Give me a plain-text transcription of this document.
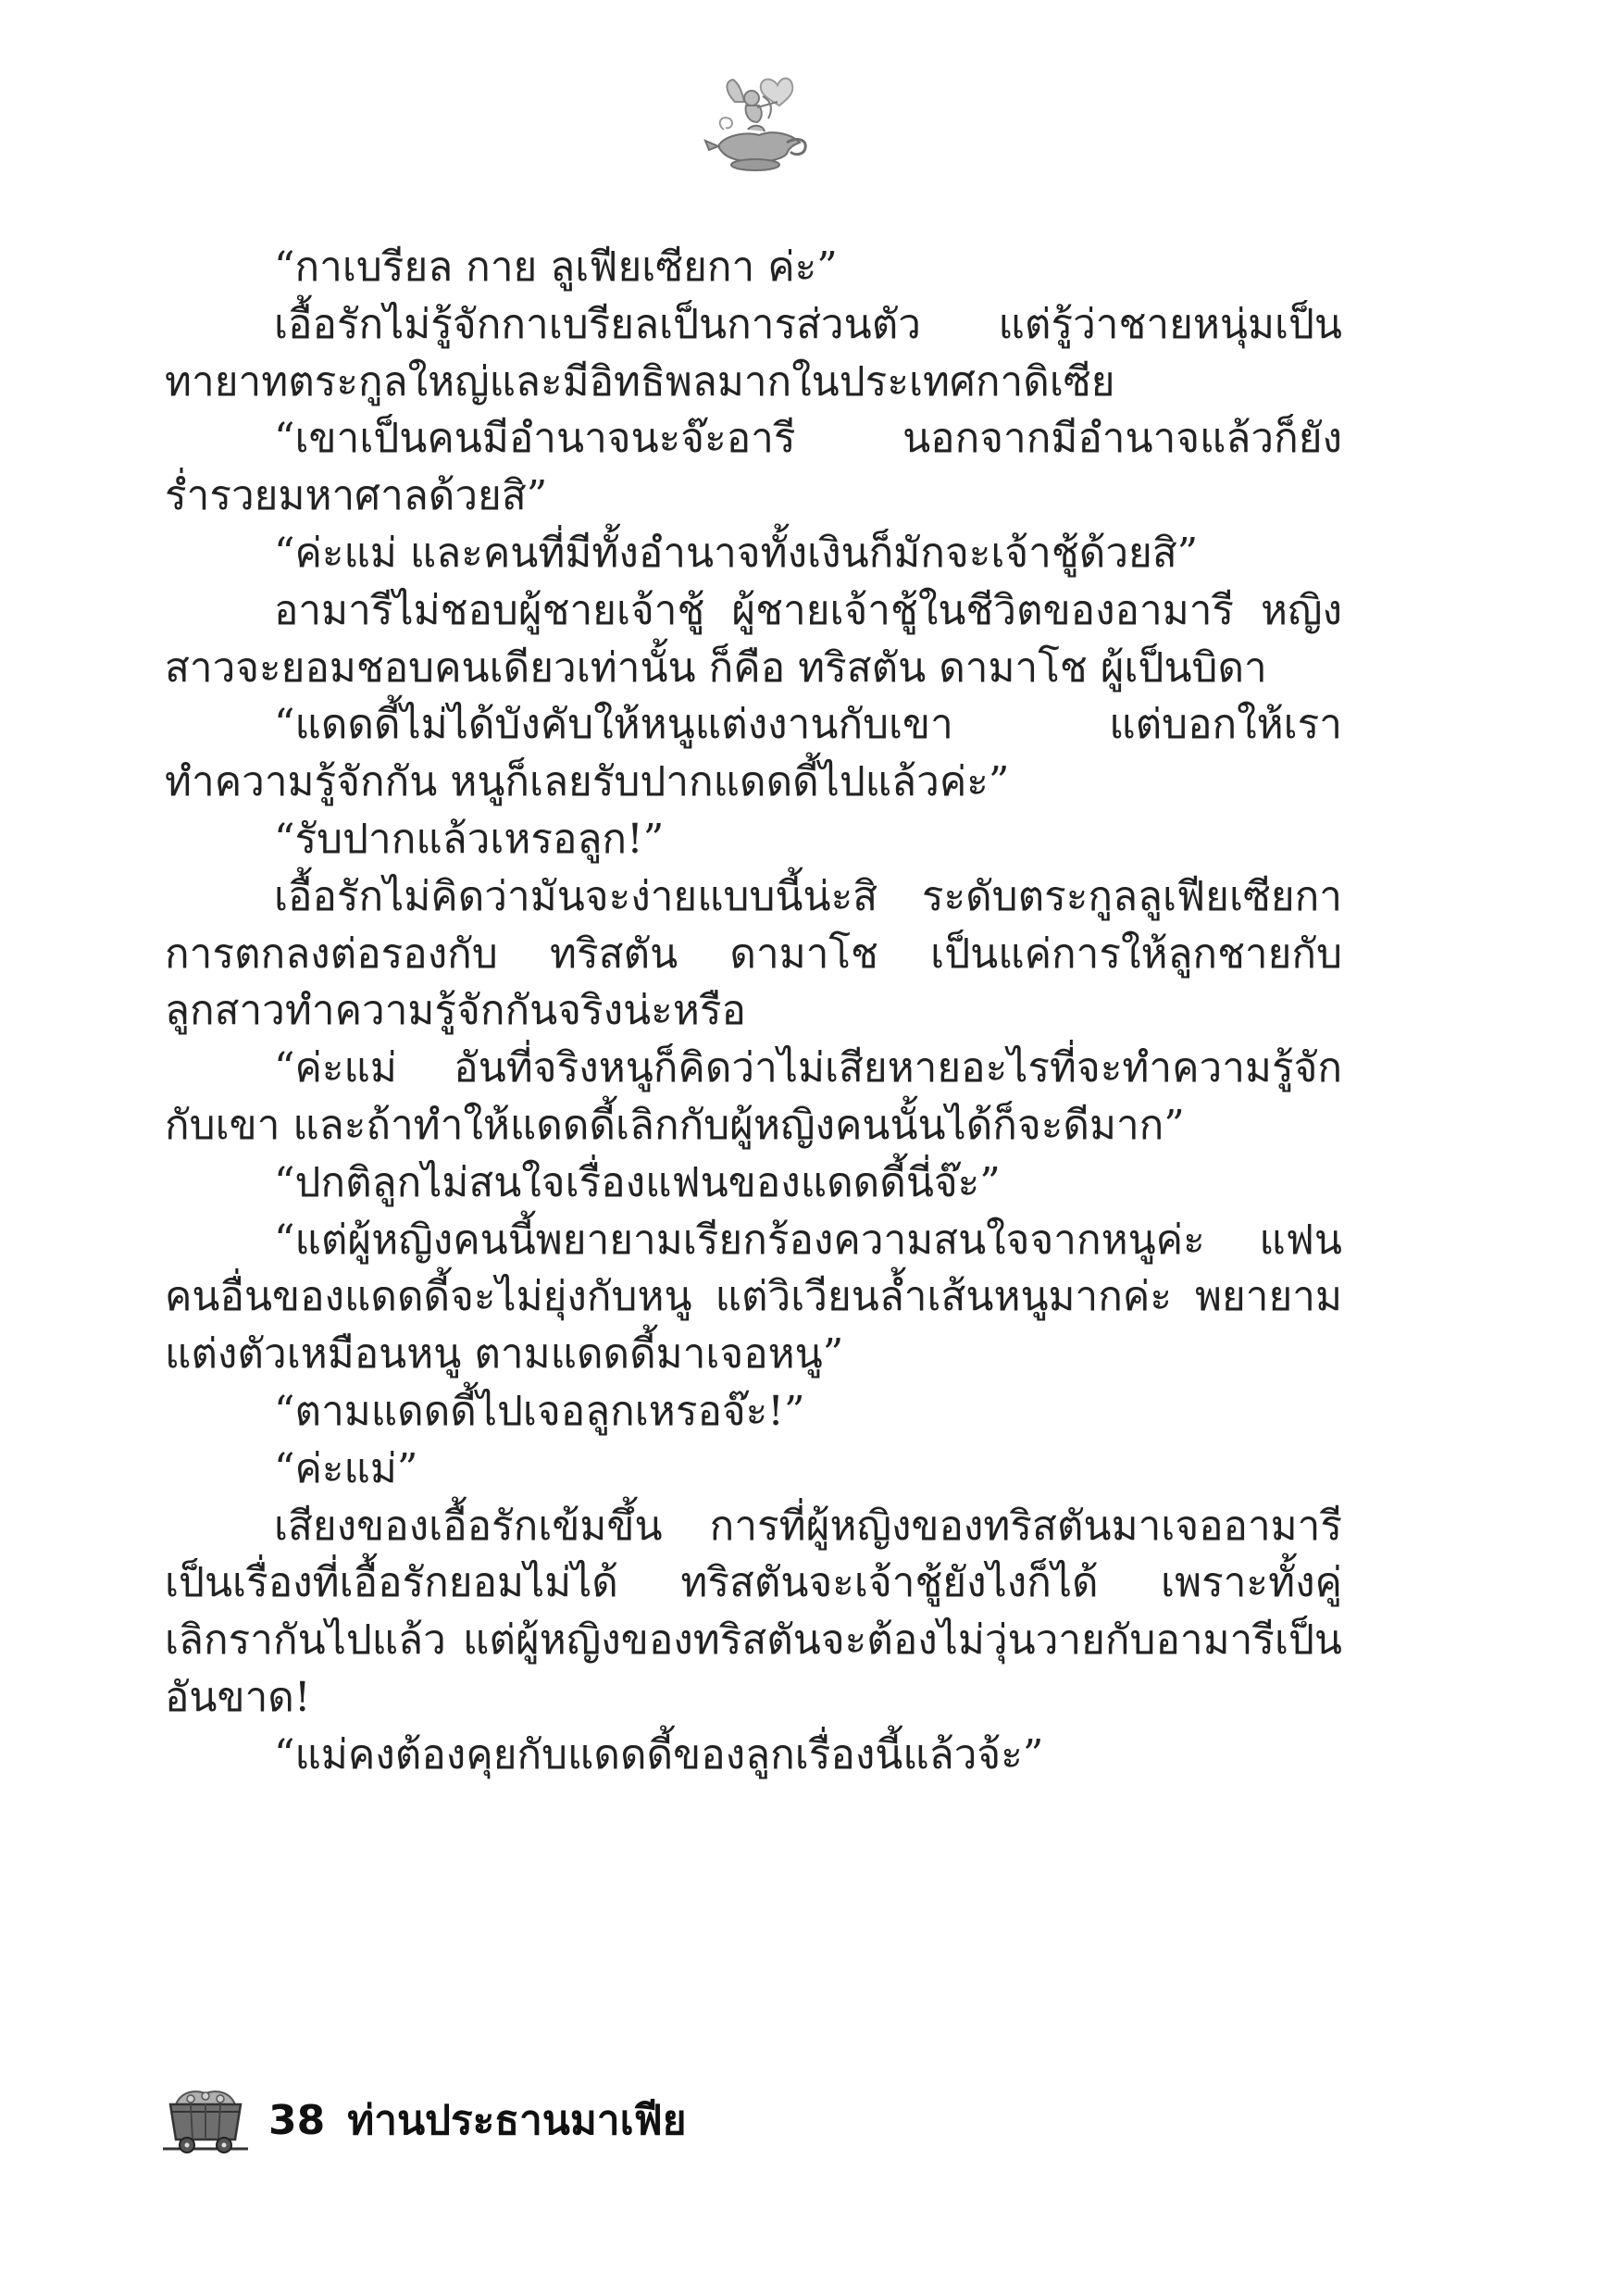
“กาเบรียล กาย ลูเฟียเซียกา ค่ะ”

เอื้อรักไม่รู้จักกาเบรียลเป็นการส่วนตัว แต่รู้ว่าชายหนุ่มเป็นทายาทตระกูลใหญ่และมีอิทธิพลมากในประเทศกาดิเซีย

“เขาเป็นคนมีอำนาจนะจ๊ะอารี นอกจากมีอำนาจแล้วก็ยังร่ำรวยมหาศาลด้วยสิ”

“ค่ะแม่ และคนที่มีทั้งอำนาจทั้งเงินก็มักจะเจ้าชู้ด้วยสิ”

อามารีไม่ชอบผู้ชายเจ้าชู้ ผู้ชายเจ้าชู้ในชีวิตของอามารี หญิงสาวจะยอมชอบคนเดียวเท่านั้น ก็คือ ทริสตัน ดามาโช ผู้เป็นบิดา

“แดดดี้ไม่ได้บังคับให้หนูแต่งงานกับเขา แต่บอกให้เราทำความรู้จักกัน หนูก็เลยรับปากแดดดี้ไปแล้วค่ะ”

“รับปากแล้วเหรอลูก!”

เอื้อรักไม่คิดว่ามันจะง่ายแบบนี้น่ะสิ ระดับตระกูลลูเฟียเซียกาการตกลงต่อรองกับ ทริสตัน ดามาโช เป็นแค่การให้ลูกชายกับลูกสาวทำความรู้จักกันจริงน่ะหรือ

“ค่ะแม่ อันที่จริงหนูก็คิดว่าไม่เสียหายอะไรที่จะทำความรู้จักกับเขา และถ้าทำให้แดดดี้เลิกกับผู้หญิงคนนั้นได้ก็จะดีมาก”

“ปกติลูกไม่สนใจเรื่องแฟนของแดดดี้นี่จ๊ะ”

“แต่ผู้หญิงคนนี้พยายามเรียกร้องความสนใจจากหนูค่ะ แฟนคนอื่นของแดดดี้จะไม่ยุ่งกับหนู แต่วิเวียนล้ำเส้นหนูมากค่ะ พยายามแต่งตัวเหมือนหนู ตามแดดดี้มาเจอหนู”

“ตามแดดดี้ไปเจอลูกเหรอจ๊ะ!”

“ค่ะแม่”

เสียงของเอื้อรักเข้มขึ้น การที่ผู้หญิงของทริสตันมาเจออามารีเป็นเรื่องที่เอื้อรักยอมไม่ได้ ทริสตันจะเจ้าชู้ยังไงก็ได้ เพราะทั้งคู่เลิกรากันไปแล้ว แต่ผู้หญิงของทริสตันจะต้องไม่วุ่นวายกับอามารีเป็นอันขาด!

“แม่คงต้องคุยกับแดดดี้ของลูกเรื่องนี้แล้วจ้ะ”

38 ท่านประธานมาเฟีย
